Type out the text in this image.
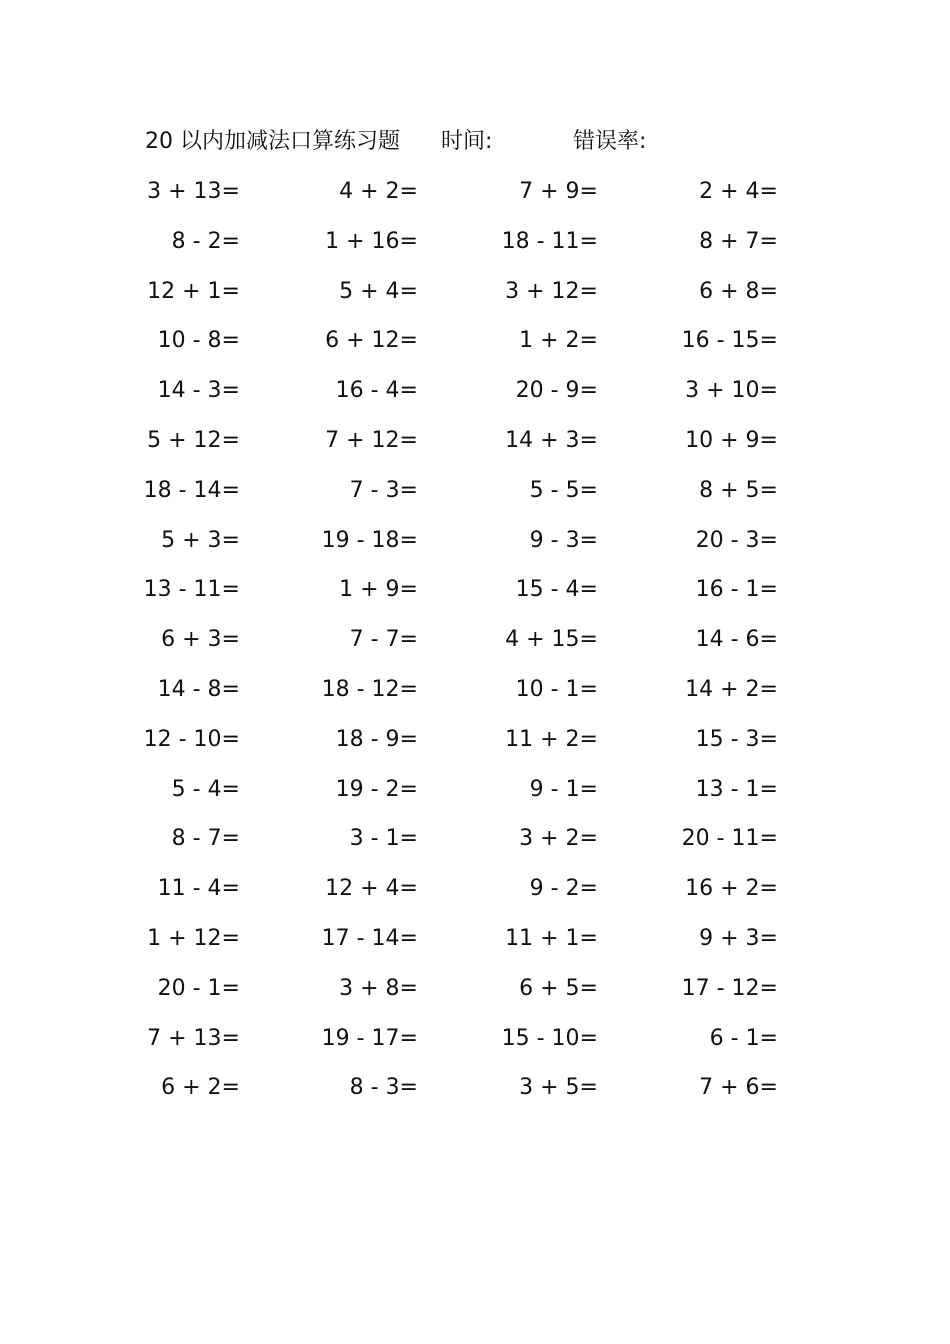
20 以内加减法口算练习题 时间:	错误率:
3 + 13=	4 + 2=	7 + 9=	2 + 4=
8 - 2=	1 + 16=	18 - 11=	8 + 7=
12 + 1=	5 + 4=	3 + 12=	6 + 8=
10 - 8=	6 + 12=	1 + 2=	16 - 15=
14 - 3=	16 - 4=	20 - 9=	3 + 10=
5 + 12=	7 + 12=	14 + 3=	10 + 9=
18 - 14=	7 - 3=	5 - 5=	8 + 5=
5 + 3=	19 - 18=	9 - 3=	20 - 3=
13 - 11=	1 + 9=	15 - 4=	16 - 1=
6 + 3=	7 - 7=	4 + 15=	14 - 6=
14 - 8=	18 - 12=	10 - 1=	14 + 2=
12 - 10=	18 - 9=	11 + 2=	15 - 3=
5 - 4=	19 - 2=	9 - 1=	13 - 1=
8 - 7=	3 - 1=	3 + 2=	20 - 11=
11 - 4=	12 + 4=	9 - 2=	16 + 2=
1 + 12=	17 - 14=	11 + 1=	9 + 3=
20 - 1=	3 + 8=	6 + 5=	17 - 12=
7 + 13=	19 - 17=	15 - 10=	6 - 1=
6 + 2=	8 - 3=	3 + 5=	7 + 6=
